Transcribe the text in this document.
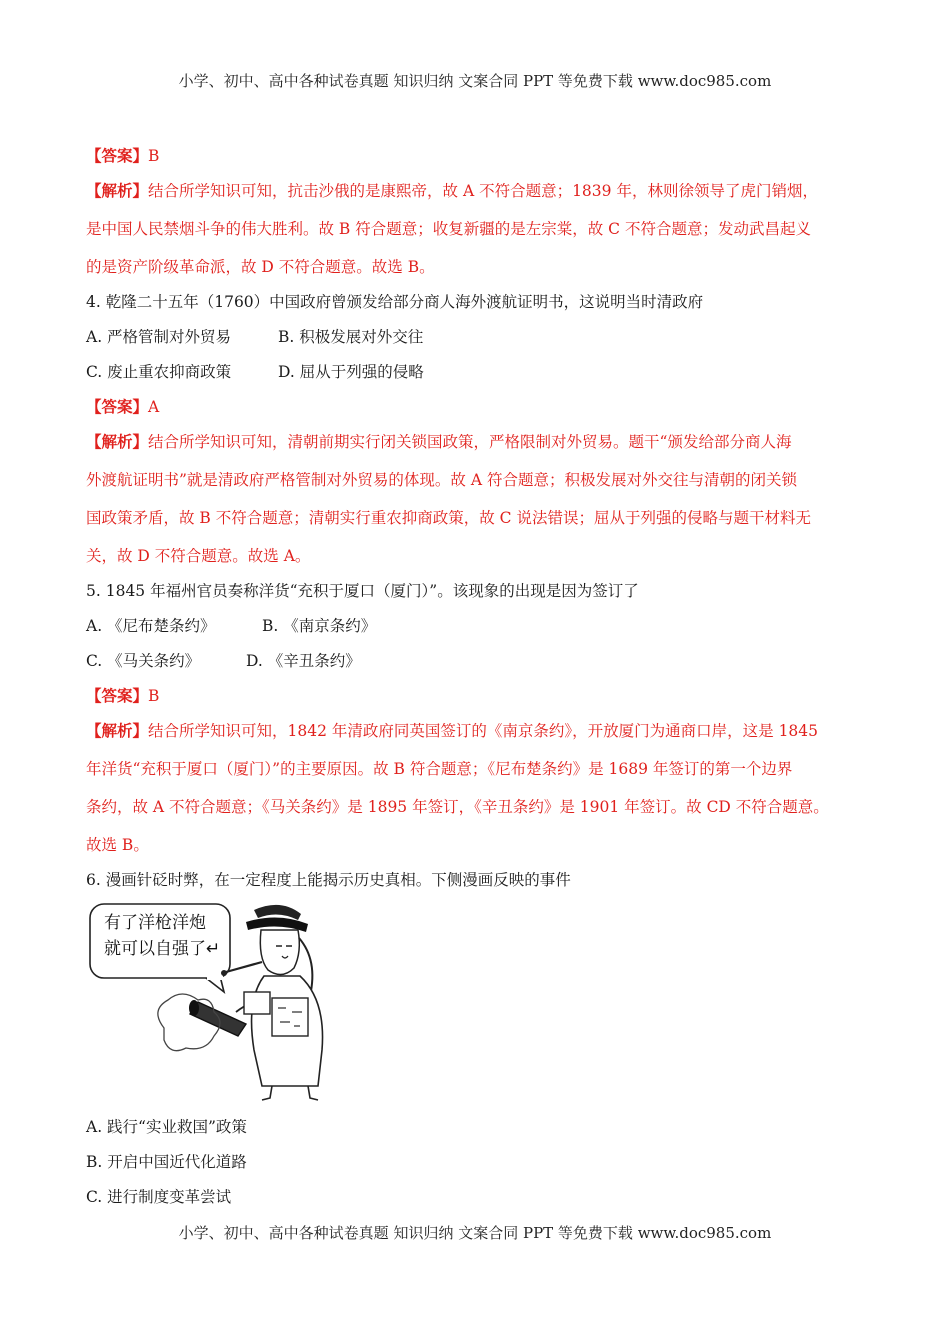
小学、初中、高中各种试卷真题 知识归纳 文案合同 PPT 等免费下载 www.doc985.com
【答案】B
【解析】结合所学知识可知，抗击沙俄的是康熙帝，故 A 不符合题意；1839 年，林则徐领导了虎门销烟，
是中国人民禁烟斗争的伟大胜利。故 B 符合题意；收复新疆的是左宗棠，故 C 不符合题意；发动武昌起义
的是资产阶级革命派，故 D 不符合题意。故选 B。
4. 乾隆二十五年（1760）中国政府曾颁发给部分商人海外渡航证明书，这说明当时清政府
A. 严格管制对外贸易	B. 积极发展对外交往
C. 废止重农抑商政策	D. 屈从于列强的侵略
【答案】A
【解析】结合所学知识可知，清朝前期实行闭关锁国政策，严格限制对外贸易。题干“颁发给部分商人海
外渡航证明书”就是清政府严格管制对外贸易的体现。故 A 符合题意；积极发展对外交往与清朝的闭关锁
国政策矛盾，故 B 不符合题意；清朝实行重农抑商政策，故 C 说法错误；屈从于列强的侵略与题干材料无
关，故 D 不符合题意。故选 A。
5. 1845 年福州官员奏称洋货“充积于厦口（厦门）”。该现象的出现是因为签订了
A. 《尼布楚条约》	B. 《南京条约》
C. 《马关条约》	D. 《辛丑条约》
【答案】B
【解析】结合所学知识可知，1842 年清政府同英国签订的《南京条约》，开放厦门为通商口岸，这是 1845
年洋货“充积于厦口（厦门）”的主要原因。故 B 符合题意；《尼布楚条约》是 1689 年签订的第一个边界
条约，故 A 不符合题意；《马关条约》是 1895 年签订，《辛丑条约》是 1901 年签订。故 CD 不符合题意。
故选 B。
6. 漫画针砭时弊，在一定程度上能揭示历史真相。下侧漫画反映的事件
有了洋枪洋炮
就可以自强了↵
A. 践行“实业救国”政策
B. 开启中国近代化道路
C. 进行制度变革尝试
小学、初中、高中各种试卷真题 知识归纳 文案合同 PPT 等免费下载 www.doc985.com
